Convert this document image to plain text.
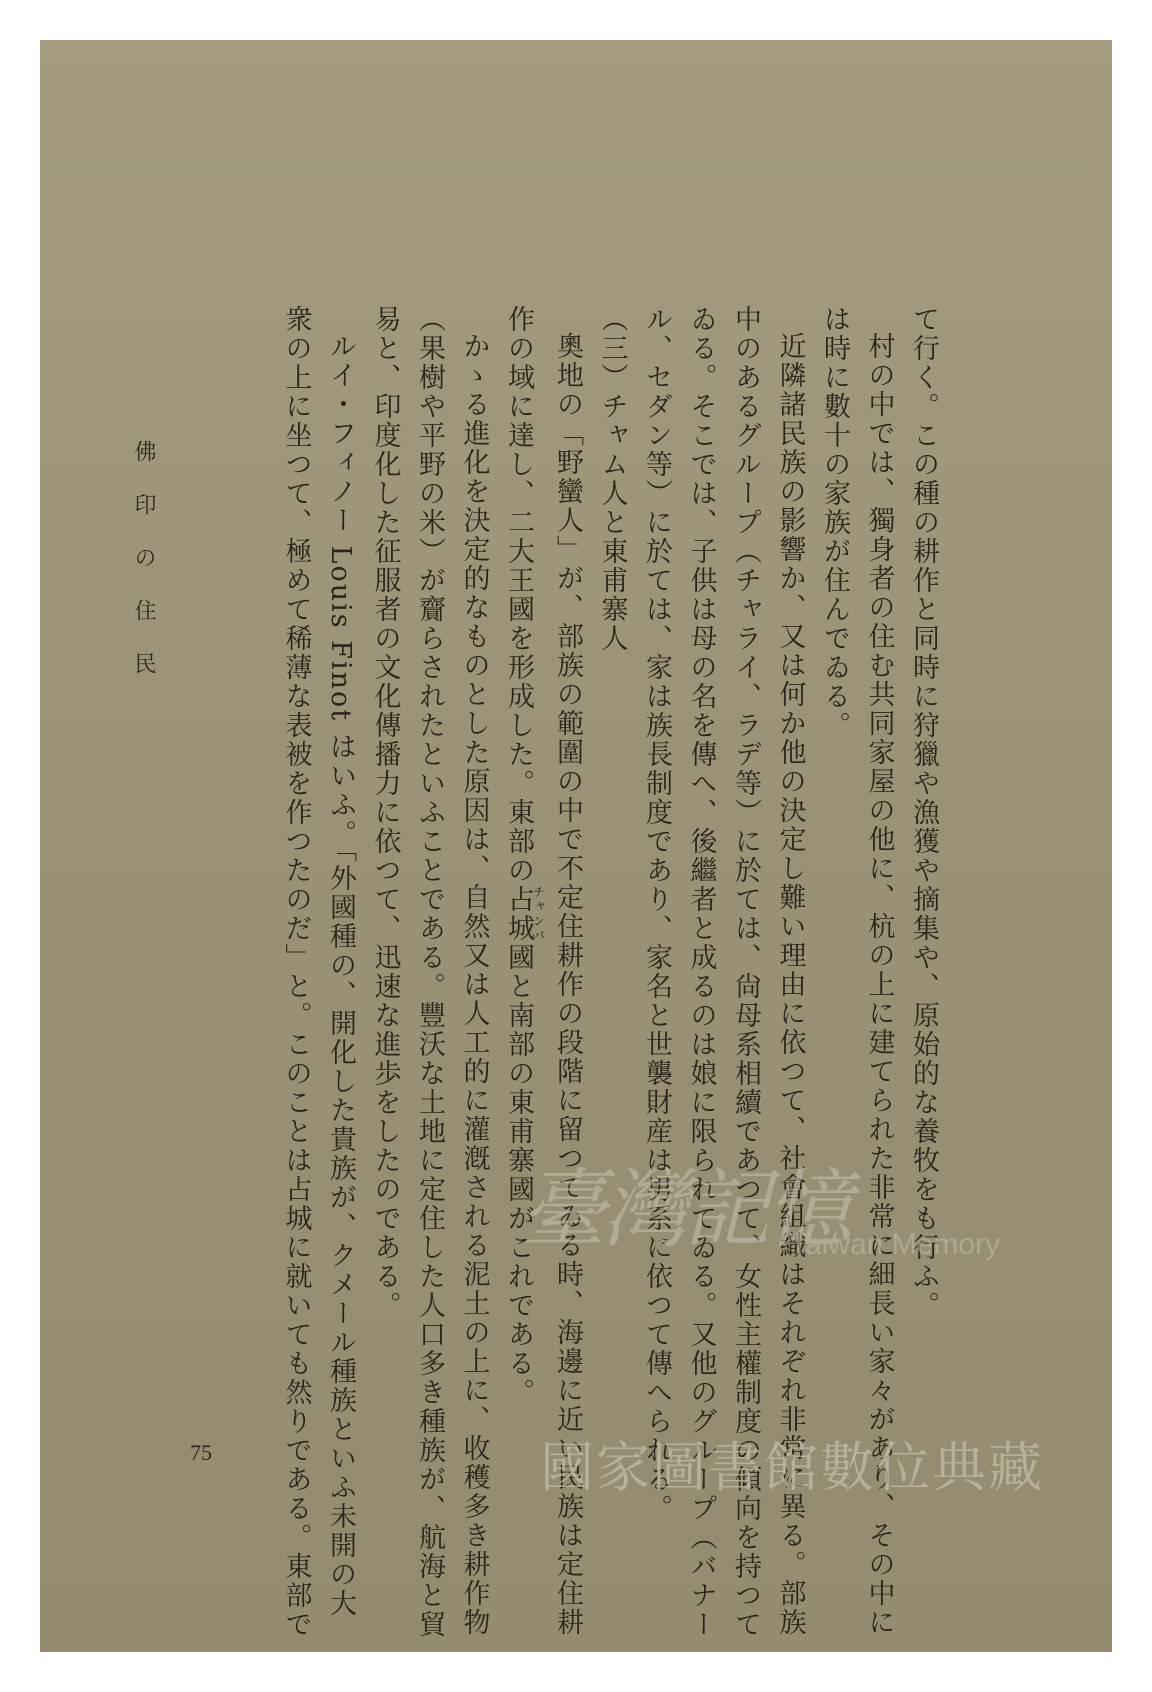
て行く。この種の耕作と同時に狩獵や漁獲や摘集や、原始的な養牧をも行ふ。
村の中では、獨身者の住む共同家屋の他に、杭の上に建てられた非常に細長い家々があり、その中に
は時に數十の家族が住んでゐる。
近隣諸民族の影響か、又は何か他の決定し難い理由に依つて、社會組織はそれぞれ非常に異る。部族
中のあるグループ（チャライ、ラデ等）に於ては、尙母系相續であつて、女性主權制度の傾向を持つて
ゐる。そこでは、子供は母の名を傳へ、後繼者と成るのは娘に限られてゐる。又他のグループ（バナー
ル、セダン等）に於ては、家は族長制度であり、家名と世襲財産は男系に依つて傳へられる。
（三）チャム人と東甫寨人
奧地の「野蠻人」が、部族の範圍の中で不定住耕作の段階に留つてゐる時、海邊に近い民族は定住耕
作の域に達し、二大王國を形成した。東部の占城チャンパ國と南部の東甫寨國がこれである。
かゝる進化を決定的なものとした原因は、自然又は人工的に灌漑される泥土の上に、收穫多き耕作物
（果樹や平野の米）が齎らされたといふことである。豐沃な土地に定住した人口多き種族が、航海と貿
易と、印度化した征服者の文化傳播力に依つて、迅速な進歩をしたのである。
ルイ・フィノー Louis Finot はいふ。「外國種の、開化した貴族が、クメール種族といふ未開の大
衆の上に坐つて、極めて稀薄な表被を作つたのだ」と。このことは占城に就いても然りである。東部で
佛 印 の 住 民
75
臺灣記憶
Taiwan Memory
國家圖書館數位典藏
